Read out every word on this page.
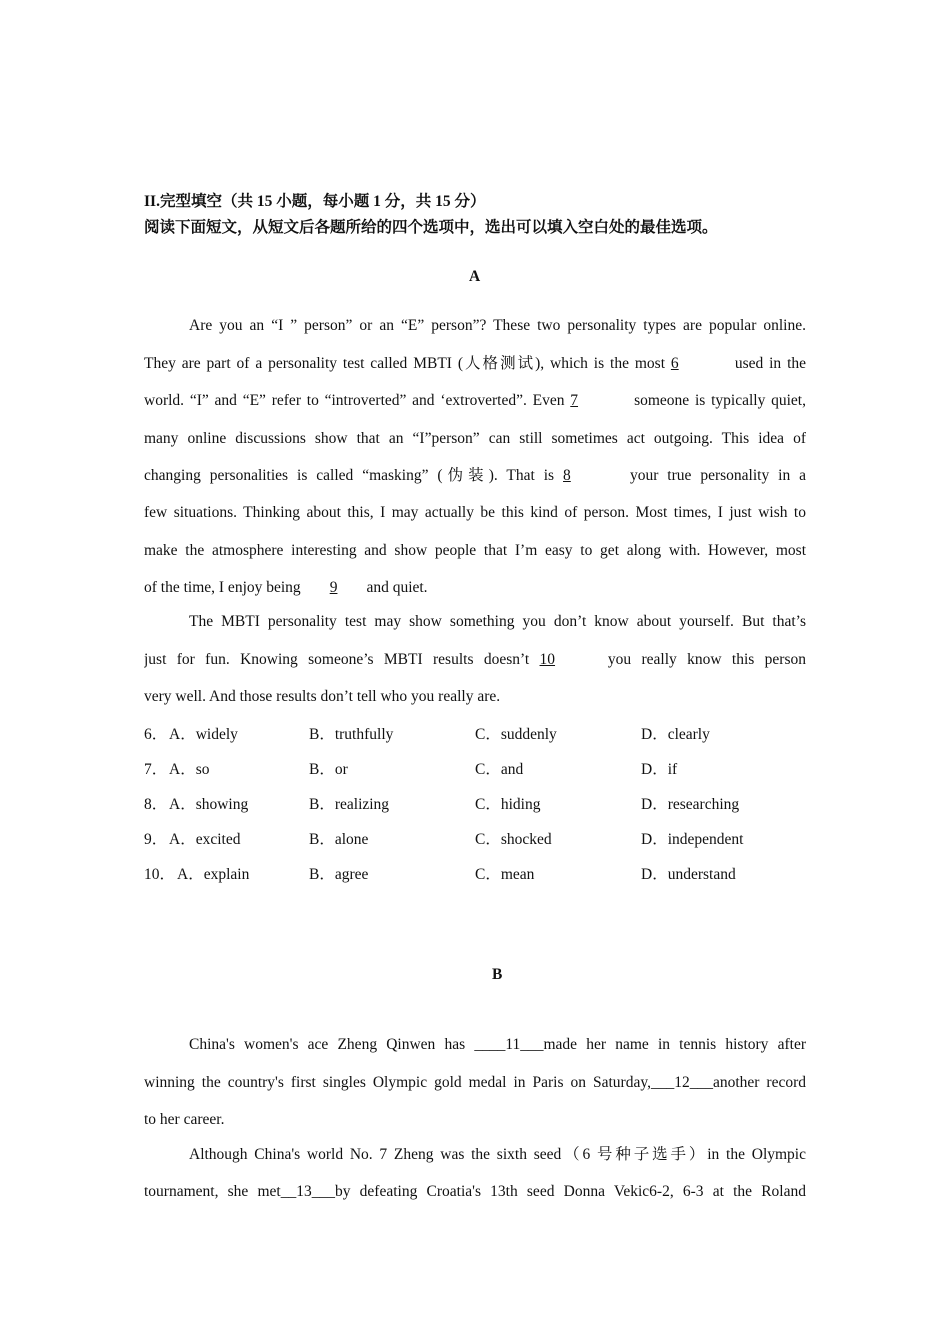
II.完型填空（共 15 小题，每小题 1 分，共 15 分）
阅读下面短文，从短文后各题所给的四个选项中，选出可以填入空白处的最佳选项。
A
Are you an “I ” person” or an “E” person”? These two personality types are popular online.
They are part of a personality test called MBTI (人格测试), which is the most 6	used in the
world. “I” and “E” refer to “introverted” and ‘extroverted”. Even 7	someone is typically quiet,
many online discussions show that an “I”person” can still sometimes act outgoing. This idea of
changing personalities is called “masking” (伪装). That is 8	your true personality in a
few situations. Thinking about this, I may actually be this kind of person. Most times, I just wish to
make the atmosphere interesting and show people that I’m easy to get along with. However, most
of the time, I enjoy being 9 and quiet.
The MBTI personality test may show something you don’t know about yourself. But that’s
just for fun. Knowing someone’s MBTI results doesn’t 10	you really know this person
very well. And those results don’t tell who you really are.
6． A．widely	B．truthfully	C．suddenly	D．clearly
7． A．so	B．or	C．and	D．if
8． A．showing	B．realizing	C．hiding	D．researching
9． A．excited	B．alone	C．shocked	D．independent
10． A．explain	B．agree	C．mean	D．understand
B
China's women's ace Zheng Qinwen has ____11___made her name in tennis history after
winning the country's first singles Olympic gold medal in Paris on Saturday,___12___another record
to her career.
Although China's world No. 7 Zheng was the sixth seed（6 号种子选手）in the Olympic
tournament, she met__13___by defeating Croatia's 13th seed Donna Vekic6-2, 6-3 at the Roland
